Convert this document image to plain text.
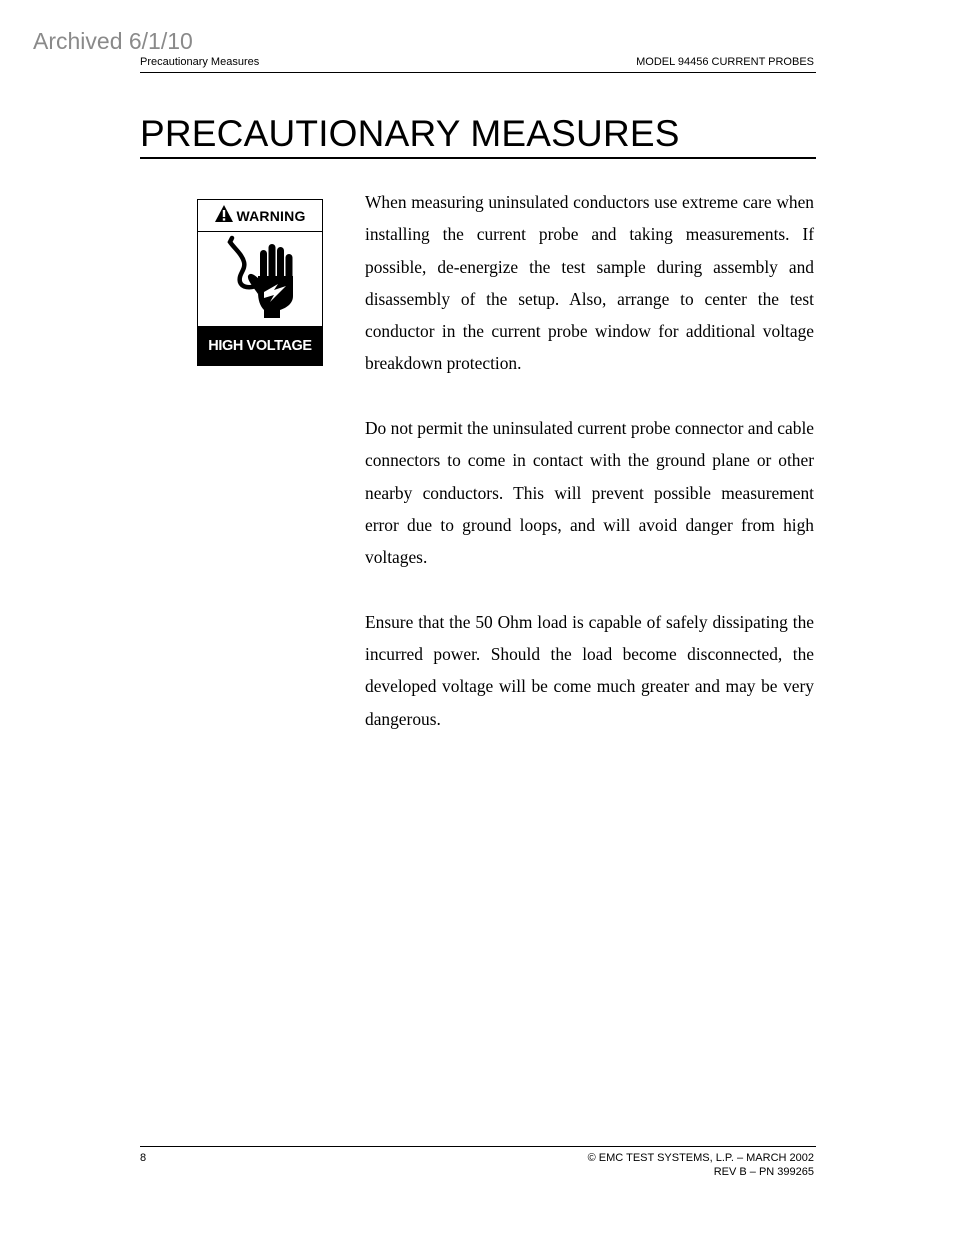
Archived 6/1/10
Precautionary Measures	MODEL 94456 CURRENT PROBES
PRECAUTIONARY MEASURES
WARNING
HIGH VOLTAGE

When measuring uninsulated conductors use extreme care when installing the current probe and taking measurements. If possible, de-energize the test sample during assembly and disassembly of the setup. Also, arrange to center the test conductor in the current probe window for additional voltage breakdown protection.

Do not permit the uninsulated current probe connector and cable connectors to come in contact with the ground plane or other nearby conductors. This will prevent possible measurement error due to ground loops, and will avoid danger from high voltages.

Ensure that the 50 Ohm load is capable of safely dissipating the incurred power. Should the load become disconnected, the developed voltage will be come much greater and may be very dangerous.

8	© EMC TEST SYSTEMS, L.P. – MARCH 2002
REV B – PN 399265
